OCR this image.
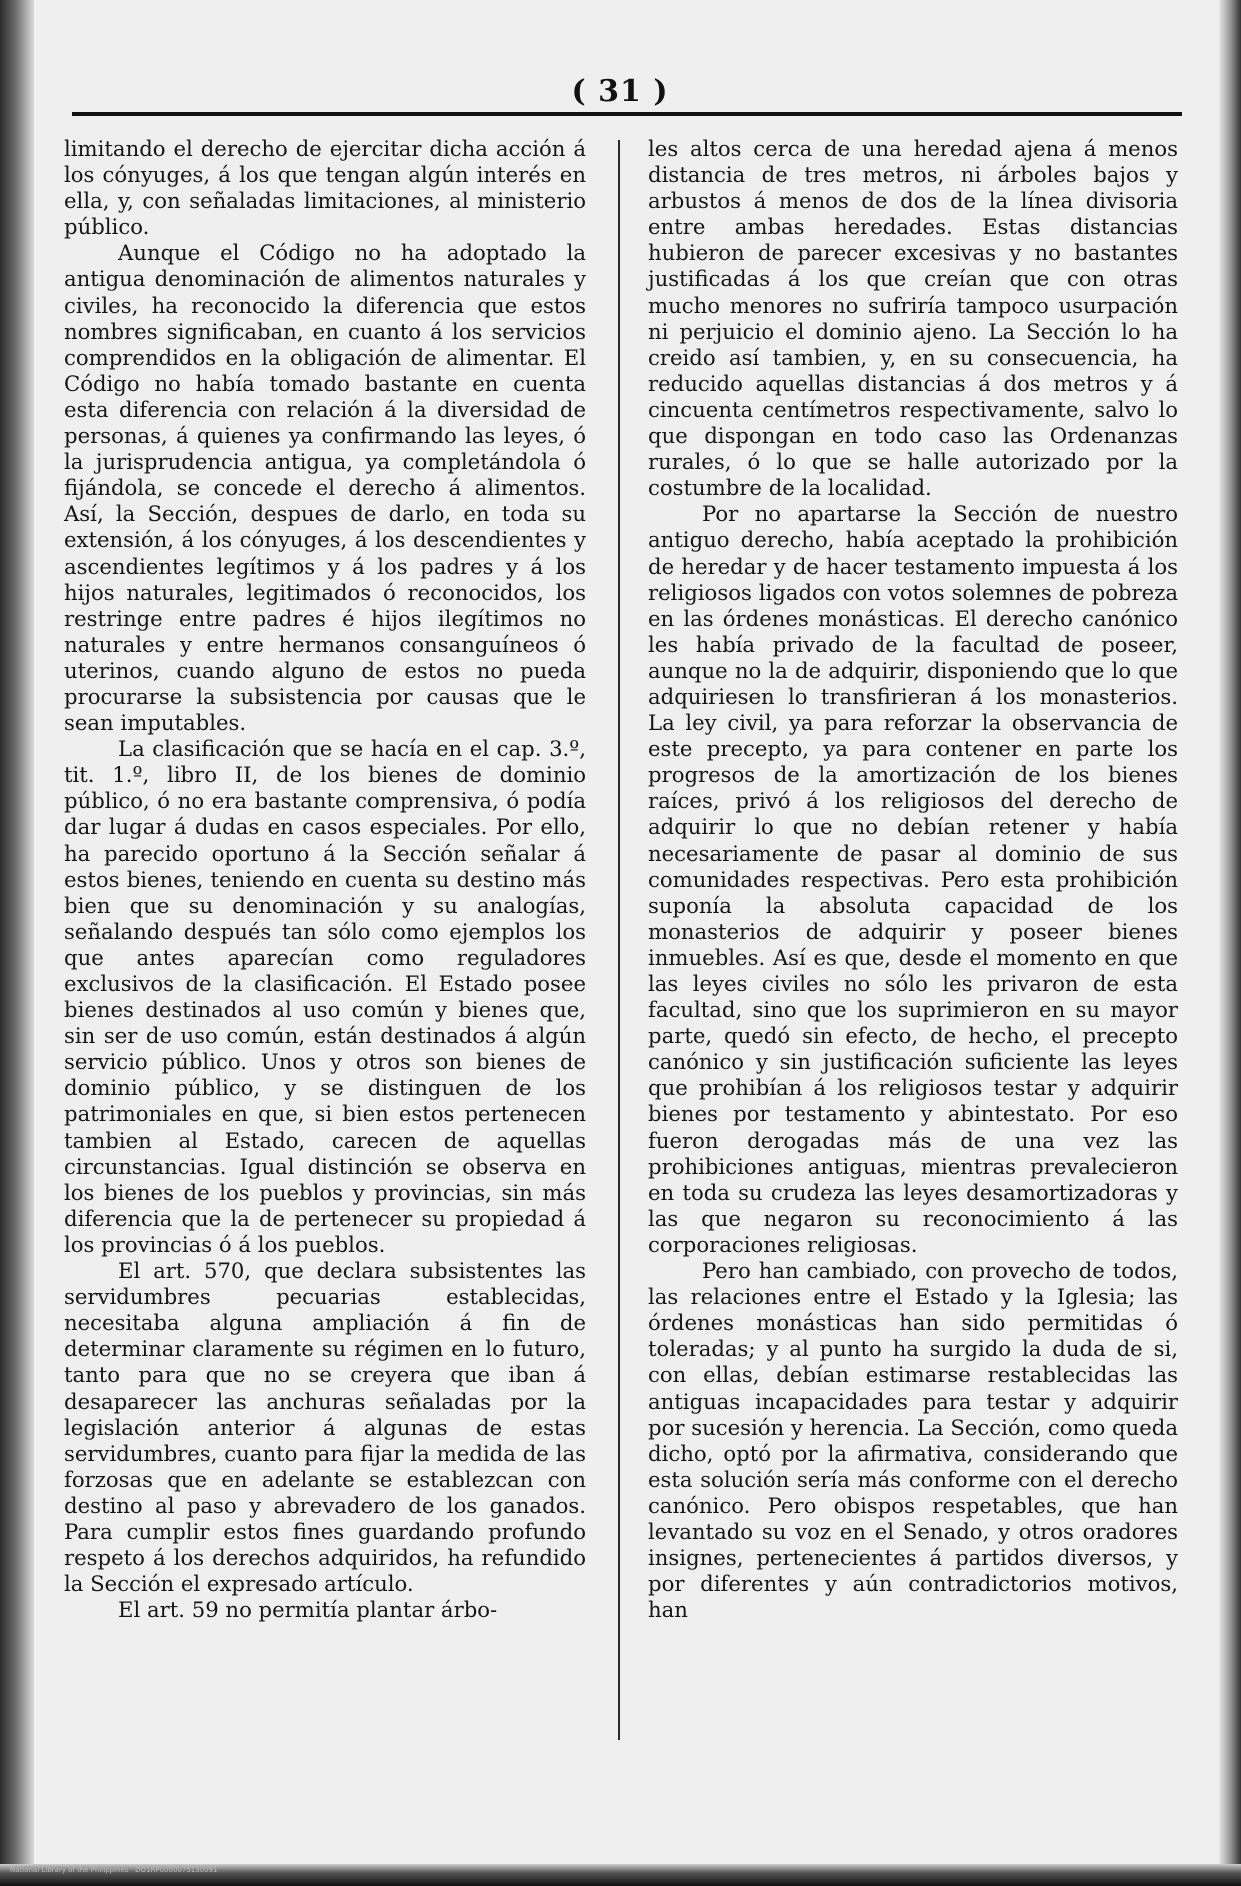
( 31 )

limitando el derecho de ejercitar dicha acción á los cónyuges, á los que tengan algún interés en ella, y, con señaladas limitaciones, al ministerio público.

Aunque el Código no ha adoptado la antigua denominación de alimentos naturales y civiles, ha reconocido la diferencia que estos nombres significaban, en cuanto á los servicios comprendidos en la obligación de alimentar. El Código no había tomado bastante en cuenta esta diferencia con relación á la diversidad de personas, á quienes ya confirmando las leyes, ó la jurisprudencia antigua, ya completándola ó fijándola, se concede el derecho á alimentos. Así, la Sección, despues de darlo, en toda su extensión, á los cónyuges, á los descendientes y ascendientes legítimos y á los padres y á los hijos naturales, legitimados ó reconocidos, los restringe entre padres é hijos ilegítimos no naturales y entre hermanos consanguíneos ó uterinos, cuando alguno de estos no pueda procurarse la subsistencia por causas que le sean imputables.

La clasificación que se hacía en el cap. 3.º, tit. 1.º, libro II, de los bienes de dominio público, ó no era bastante comprensiva, ó podía dar lugar á dudas en casos especiales. Por ello, ha parecido oportuno á la Sección señalar á estos bienes, teniendo en cuenta su destino más bien que su denominación y su analogías, señalando después tan sólo como ejemplos los que antes aparecían como reguladores exclusivos de la clasificación. El Estado posee bienes destinados al uso común y bienes que, sin ser de uso común, están destinados á algún servicio público. Unos y otros son bienes de dominio público, y se distinguen de los patrimoniales en que, si bien estos pertenecen tambien al Estado, carecen de aquellas circunstancias. Igual distinción se observa en los bienes de los pueblos y provincias, sin más diferencia que la de pertenecer su propiedad á los provincias ó á los pueblos.

El art. 570, que declara subsistentes las servidumbres pecuarias establecidas, necesitaba alguna ampliación á fin de determinar claramente su régimen en lo futuro, tanto para que no se creyera que iban á desaparecer las anchuras señaladas por la legislación anterior á algunas de estas servidumbres, cuanto para fijar la medida de las forzosas que en adelante se establezcan con destino al paso y abrevadero de los ganados. Para cumplir estos fines guardando profundo respeto á los derechos adquiridos, ha refundido la Sección el expresado artículo.

El art. 59 no permitía plantar árbo-

les altos cerca de una heredad ajena á menos distancia de tres metros, ni árboles bajos y arbustos á menos de dos de la línea divisoria entre ambas heredades. Estas distancias hubieron de parecer excesivas y no bastantes justificadas á los que creían que con otras mucho menores no sufriría tampoco usurpación ni perjuicio el dominio ajeno. La Sección lo ha creido así tambien, y, en su consecuencia, ha reducido aquellas distancias á dos metros y á cincuenta centímetros respectivamente, salvo lo que dispongan en todo caso las Ordenanzas rurales, ó lo que se halle autorizado por la costumbre de la localidad.

Por no apartarse la Sección de nuestro antiguo derecho, había aceptado la prohibición de heredar y de hacer testamento impuesta á los religiosos ligados con votos solemnes de pobreza en las órdenes monásticas. El derecho canónico les había privado de la facultad de poseer, aunque no la de adquirir, disponiendo que lo que adquiriesen lo transfirieran á los monasterios. La ley civil, ya para reforzar la observancia de este precepto, ya para contener en parte los progresos de la amortización de los bienes raíces, privó á los religiosos del derecho de adquirir lo que no debían retener y había necesariamente de pasar al dominio de sus comunidades respectivas. Pero esta prohibición suponía la absoluta capacidad de los monasterios de adquirir y poseer bienes inmuebles. Así es que, desde el momento en que las leyes civiles no sólo les privaron de esta facultad, sino que los suprimieron en su mayor parte, quedó sin efecto, de hecho, el precepto canónico y sin justificación suficiente las leyes que prohibían á los religiosos testar y adquirir bienes por testamento y abintestato. Por eso fueron derogadas más de una vez las prohibiciones antiguas, mientras prevalecieron en toda su crudeza las leyes desamortizadoras y las que negaron su reconocimiento á las corporaciones religiosas.

Pero han cambiado, con provecho de todos, las relaciones entre el Estado y la Iglesia; las órdenes monásticas han sido permitidas ó toleradas; y al punto ha surgido la duda de si, con ellas, debían estimarse restablecidas las antiguas incapacidades para testar y adquirir por sucesión y herencia. La Sección, como queda dicho, optó por la afirmativa, considerando que esta solución sería más conforme con el derecho canónico. Pero obispos respetables, que han levantado su voz en el Senado, y otros oradores insignes, pertenecientes á partidos diversos, y por diferentes y aún contradictorios motivos, han

National Library of the Philippines · DO1RP0000075130091
